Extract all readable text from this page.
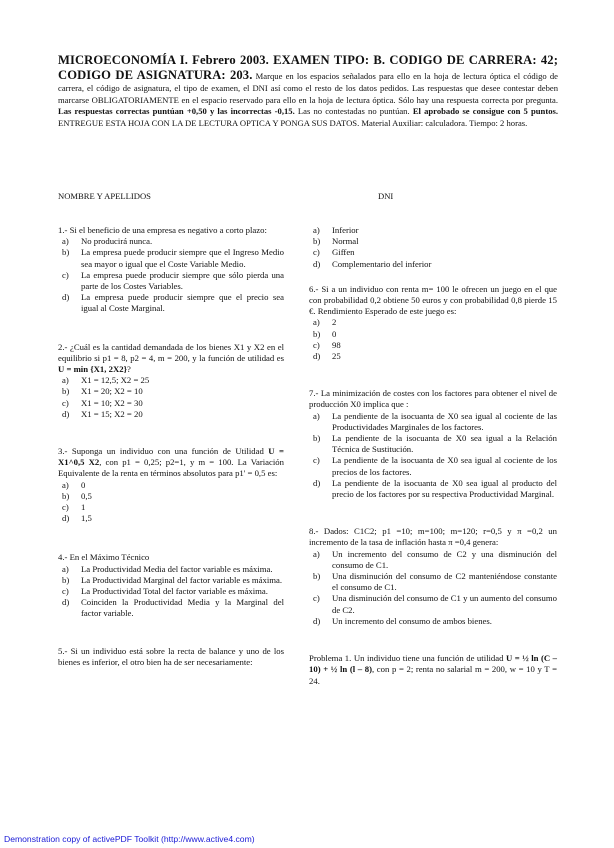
MICROECONOMÍA I. Febrero 2003. EXAMEN TIPO: B. CODIGO DE CARRERA: 42; CODIGO DE ASIGNATURA: 203. Marque en los espacios señalados para ello en la hoja de lectura óptica el código de carrera, el código de asignatura, el tipo de examen, el DNI así como el resto de los datos pedidos. Las respuestas que desee contestar deben marcarse OBLIGATORIAMENTE en el espacio reservado para ello en la hoja de lectura óptica. Sólo hay una respuesta correcta por pregunta. Las respuestas correctas puntúan +0,50 y las incorrectas -0,15. Las no contestadas no puntúan. El aprobado se consigue con 5 puntos. ENTREGUE ESTA HOJA CON LA DE LECTURA OPTICA Y PONGA SUS DATOS. Material Auxiliar: calculadora. Tiempo: 2 horas.
NOMBRE Y APELLIDOS	DNI
1.- Si el beneficio de una empresa es negativo a corto plazo:
a)	No producirá nunca.
b)	La empresa puede producir siempre que el Ingreso Medio sea mayor o igual que el Coste Variable Medio.
c)	La empresa puede producir siempre que sólo pierda una parte de los Costes Variables.
d)	La empresa puede producir siempre que el precio sea igual al Coste Marginal.
2.- ¿Cuál es la cantidad demandada de los bienes X1 y X2 en el equilibrio si p1 = 8, p2 = 4, m = 200, y la función de utilidad es U = min {X1, 2X2}?
a)	X1 = 12,5; X2 = 25
b)	X1 = 20; X2 = 10
c)	X1 = 10; X2 = 30
d)	X1 = 15; X2 = 20
3.- Suponga un individuo con una función de Utilidad U = X1^0,5 X2, con p1 = 0,25; p2=1, y m = 100. La Variación Equivalente de la renta en términos absolutos para p1' = 0,5 es:
a)	0
b)	0,5
c)	1
d)	1,5
4.- En el Máximo Técnico
a)	La Productividad Media del factor variable es máxima.
b)	La Productividad Marginal del factor variable es máxima.
c)	La Productividad Total del factor variable es máxima.
d)	Coinciden la Productividad Media y la Marginal del factor variable.
5.- Si un individuo está sobre la recta de balance y uno de los bienes es inferior, el otro bien ha de ser necesariamente:
a)	Inferior
b)	Normal
c)	Giffen
d)	Complementario del inferior
6.- Si a un individuo con renta m= 100 le ofrecen un juego en el que con probabilidad 0,2 obtiene 50 euros y con probabilidad 0,8 pierde 15 €. Rendimiento Esperado de este juego es:
a)	2
b)	0
c)	98
d)	25
7.- La minimización de costes con los factores para obtener el nivel de producción X0 implica que :
a)	La pendiente de la isocuanta de X0 sea igual al cociente de las Productividades Marginales de los factores.
b)	La pendiente de la isocuanta de X0 sea igual a la Relación Técnica de Sustitución.
c)	La pendiente de la isocuanta de X0 sea igual al cociente de los precios de los factores.
d)	La pendiente de la isocuanta de X0 sea igual al producto del precio de los factores por su respectiva Productividad Marginal.
8.- Dados: C1C2; p1 =10; m=100; m=120; r=0,5 y π =0,2 un incremento de la tasa de inflación hasta π =0,4 genera:
a)	Un incremento del consumo de C2 y una disminución del consumo de C1.
b)	Una disminución del consumo de C2 manteniéndose constante el consumo de C1.
c)	Una disminución del consumo de C1 y un aumento del consumo de C2.
d)	Un incremento del consumo de ambos bienes.
Problema 1. Un individuo tiene una función de utilidad U = ½ ln (C – 10) + ½ ln (l – 8), con p = 2; renta no salarial m = 200, w = 10 y T = 24.
Demonstration copy of activePDF Toolkit (http://www.active4.com)
